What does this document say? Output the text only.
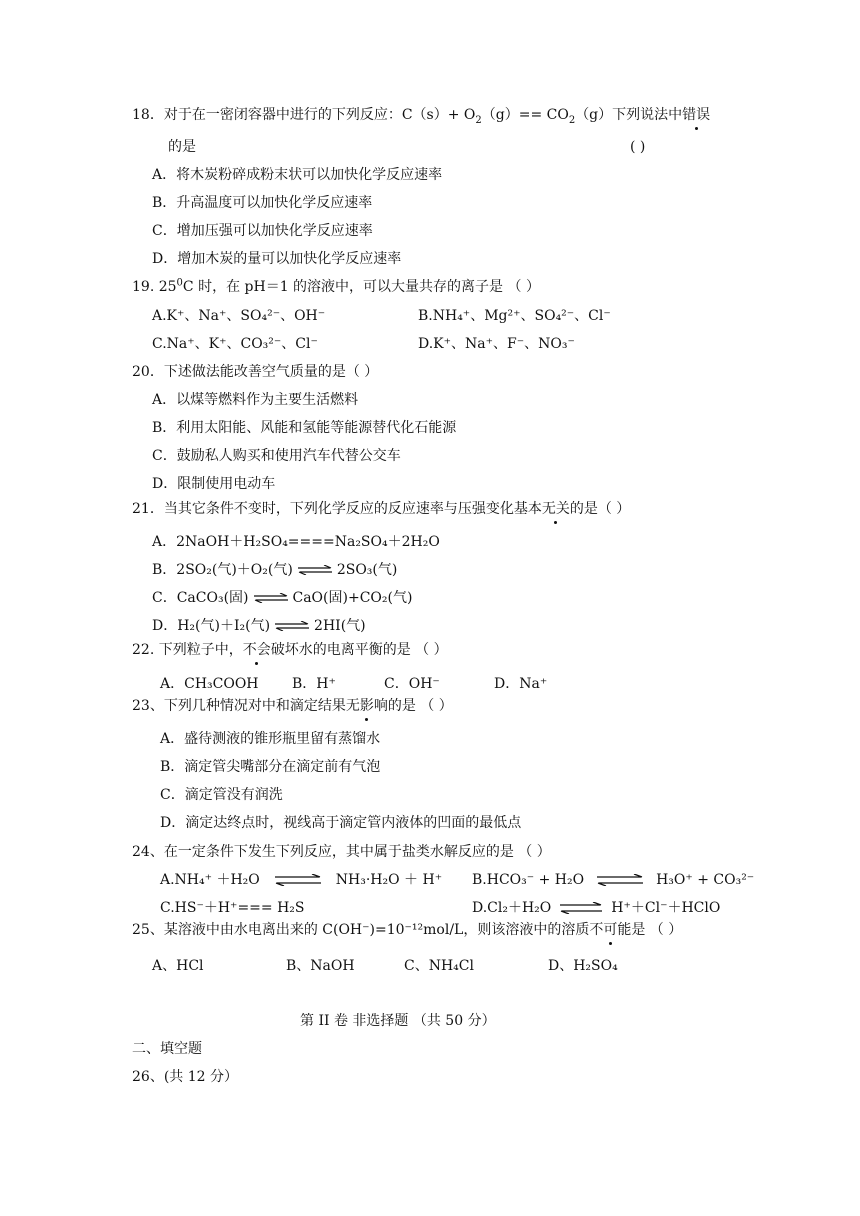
18．对于在一密闭容器中进行的下列反应：$C(s)+ O_2(g)== CO_2(g)$下列说法中错误
的是	( )
A．将木炭粉碎成粉末状可以加快化学反应速率
B．升高温度可以加快化学反应速率
C．增加压强可以加快化学反应速率
D．增加木炭的量可以加快化学反应速率
19. $25^0C$ 时，在 pH＝1 的溶液中，可以大量共存的离子是 （ ）
A.K⁺、Na⁺、SO₄²⁻、OH⁻	B.NH₄⁺、Mg²⁺、SO₄²⁻、Cl⁻
C.Na⁺、K⁺、CO₃²⁻、Cl⁻	D.K⁺、Na⁺、F⁻、NO₃⁻
20．下述做法能改善空气质量的是（ ）
A．以煤等燃料作为主要生活燃料
B．利用太阳能、风能和氢能等能源替代化石能源
C．鼓励私人购买和使用汽车代替公交车
D．限制使用电动车
21．当其它条件不变时，下列化学反应的反应速率与压强变化基本无关的是（ ）
A．2NaOH＋H₂SO₄====Na₂SO₄＋2H₂O
B．2SO₂(气)＋O₂(气) ⇌ 2SO₃(气)
C．CaCO₃(固) ⇌ CaO(固)+CO₂(气)
D．H₂(气)＋I₂(气) ⇌ 2HI(气)
22. 下列粒子中，不会破坏水的电离平衡的是 （ ）
A．CH₃COOH B．H⁺	C．OH⁻	D．Na⁺
23、下列几种情况对中和滴定结果无影响的是 （ ）
A．盛待测液的锥形瓶里留有蒸馏水
B．滴定管尖嘴部分在滴定前有气泡
C．滴定管没有润洗
D．滴定达终点时，视线高于滴定管内液体的凹面的最低点
24、在一定条件下发生下列反应，其中属于盐类水解反应的是 （ ）
A.NH₄⁺ ＋H₂O ⇌ NH₃·H₂O ＋ H⁺ B.HCO₃⁻ + H₂O ⇌ H₃O⁺ + CO₃²⁻
C.HS⁻＋H⁺=== H₂S	D.Cl₂＋H₂O ⇌ H⁺＋Cl⁻＋HClO
25、某溶液中由水电离出来的 C(OH⁻)=10⁻¹²mol/L，则该溶液中的溶质不可能是 （ ）
A、HCl	B、NaOH	C、NH₄Cl	D、H₂SO₄
第 II 卷 非选择题 （共 50 分）
二、填空题
26、(共 12 分）
